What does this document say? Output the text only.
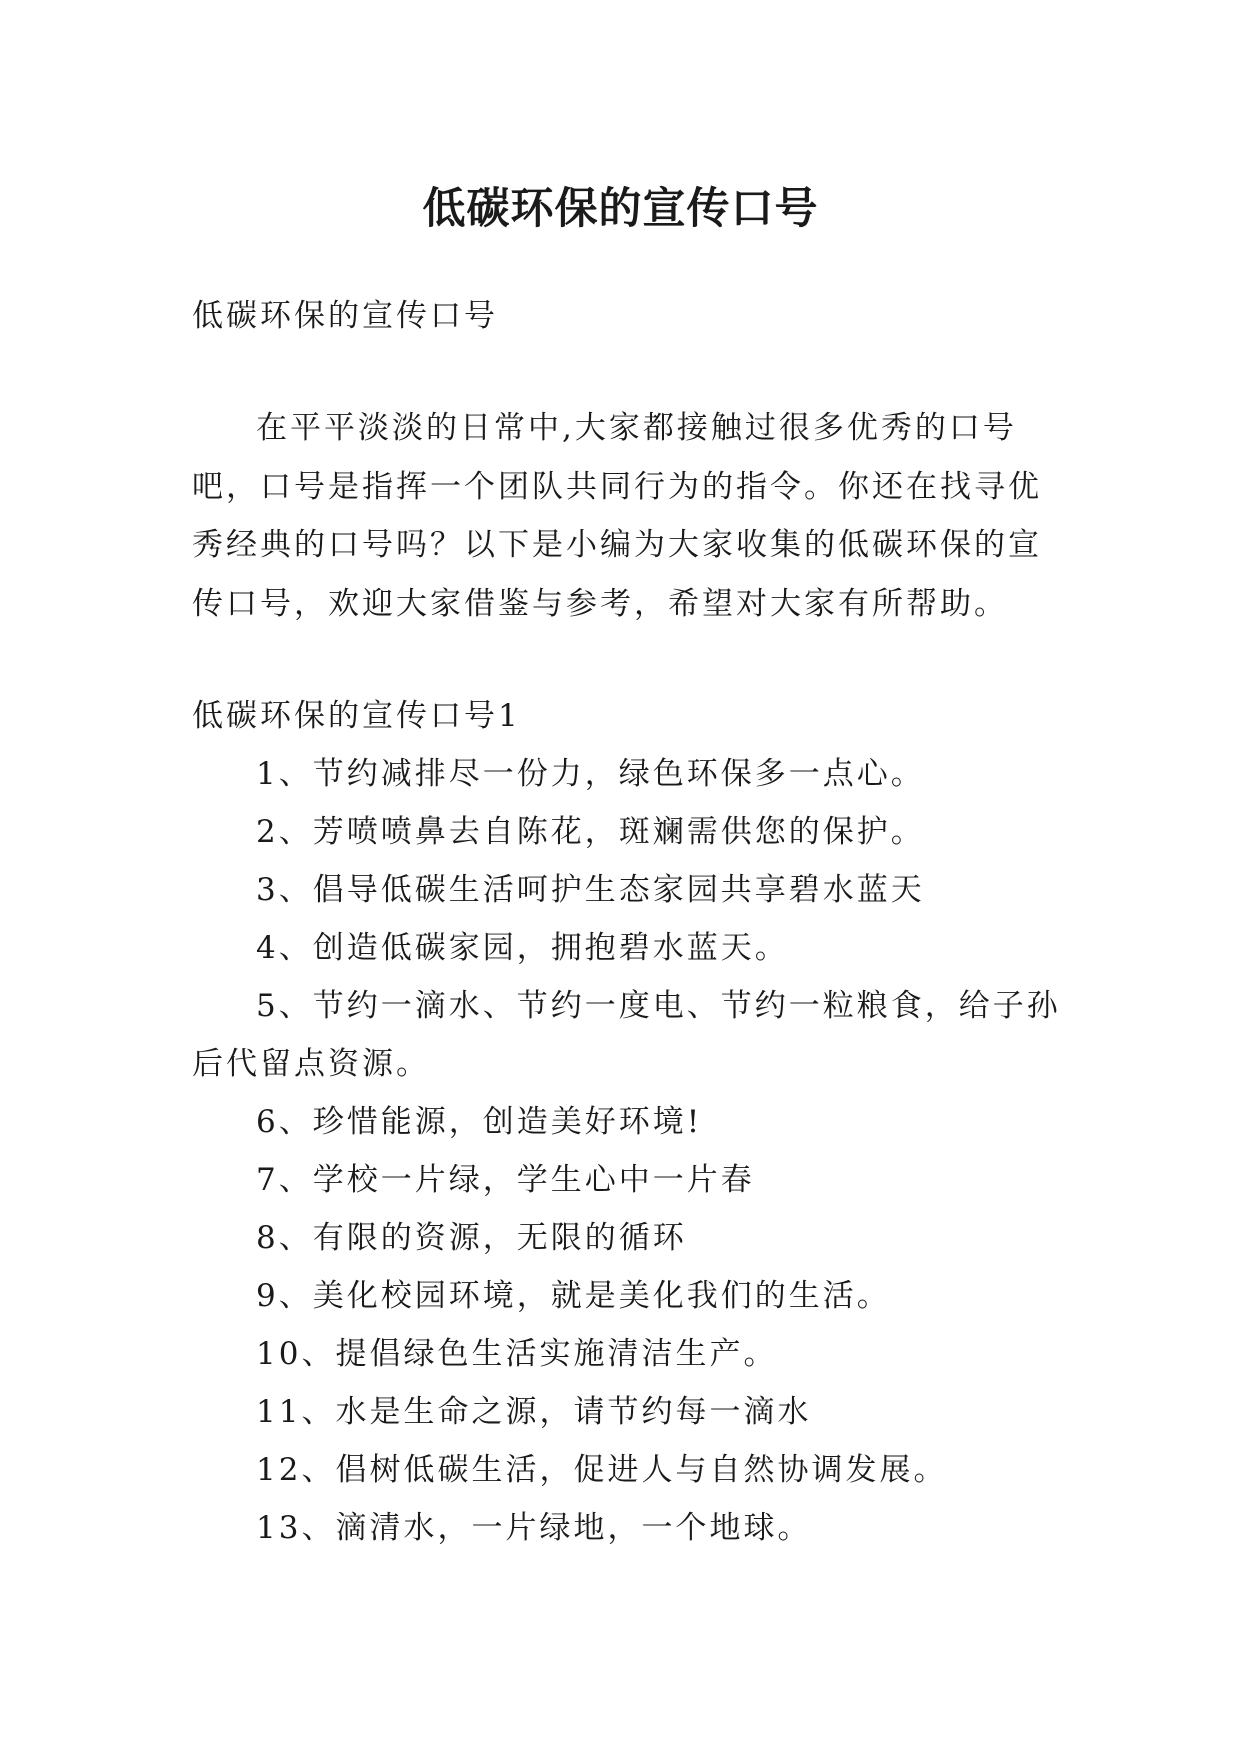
低碳环保的宣传口号

低碳环保的宣传口号

在平平淡淡的日常中,大家都接触过很多优秀的口号吧，口号是指挥一个团队共同行为的指令。你还在找寻优秀经典的口号吗？以下是小编为大家收集的低碳环保的宣传口号，欢迎大家借鉴与参考，希望对大家有所帮助。

低碳环保的宣传口号1

1、节约减排尽一份力，绿色环保多一点心。
2、芳喷喷鼻去自陈花，斑斓需供您的保护。
3、倡导低碳生活呵护生态家园共享碧水蓝天
4、创造低碳家园，拥抱碧水蓝天。
5、节约一滴水、节约一度电、节约一粒粮食，给子孙后代留点资源。
6、珍惜能源，创造美好环境!
7、学校一片绿，学生心中一片春
8、有限的资源，无限的循环
9、美化校园环境，就是美化我们的生活。
10、提倡绿色生活实施清洁生产。
11、水是生命之源，请节约每一滴水
12、倡树低碳生活，促进人与自然协调发展。
13、滴清水，一片绿地，一个地球。
